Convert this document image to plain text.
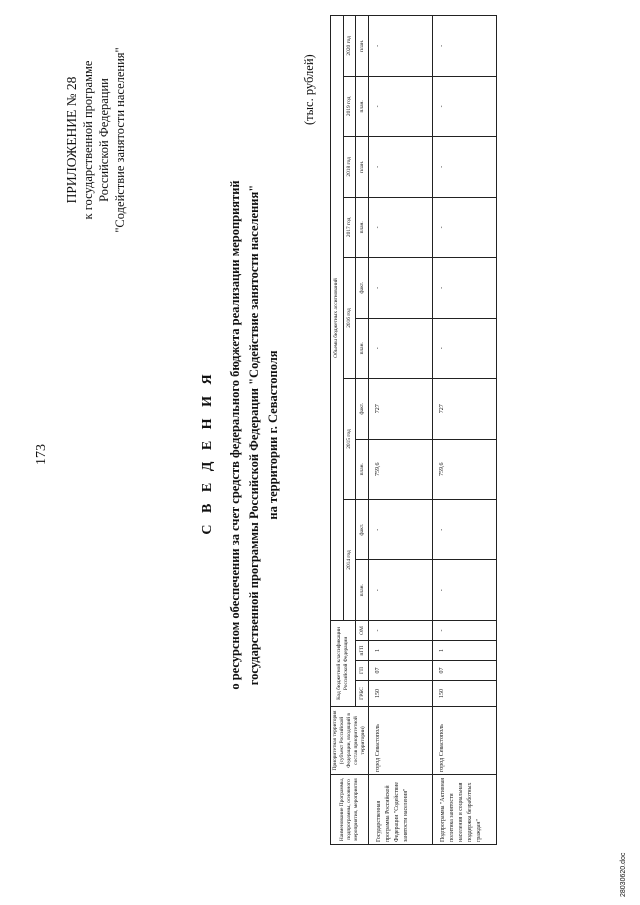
173
ПРИЛОЖЕНИЕ № 28 к государственной программе Российской Федерации "Содействие занятости населения"
С В Е Д Е Н И Я о ресурсном обеспечении за счет средств федерального бюджета реализации мероприятий государственной программы Российской Федерации "Содействие занятости населения" на территории г. Севастополя
(тыс. рублей)
Наименование Программы, подпрограммы, основного мероприятия, мероприятия	Приоритетная территория (субъект Российской Федерации, входящий в состав приоритетной территории)	Код бюджетной классификации Российской Федерации				Объемы бюджетных ассигнований									
						2014 год		2015 год		2016 год		2017 год	2018 год	2019 год	2020 год
		ГРБС	ГП	пГП	ОМ	план.	факт.	план.	факт.	план.	факт.	план.	план.	план.	план.
Государственная программа Российской Федерации "Содействие занятости населения"	город Севастополь	150	07	1	-	-	-	759,6	727	-	-	-	-	-	-
Подпрограмма "Активная политика занятости населения и социальная поддержка безработных граждан"	город Севастополь	150	07	1	-	-	-	759,6	727	-	-	-	-	-	-
28030620.doc
